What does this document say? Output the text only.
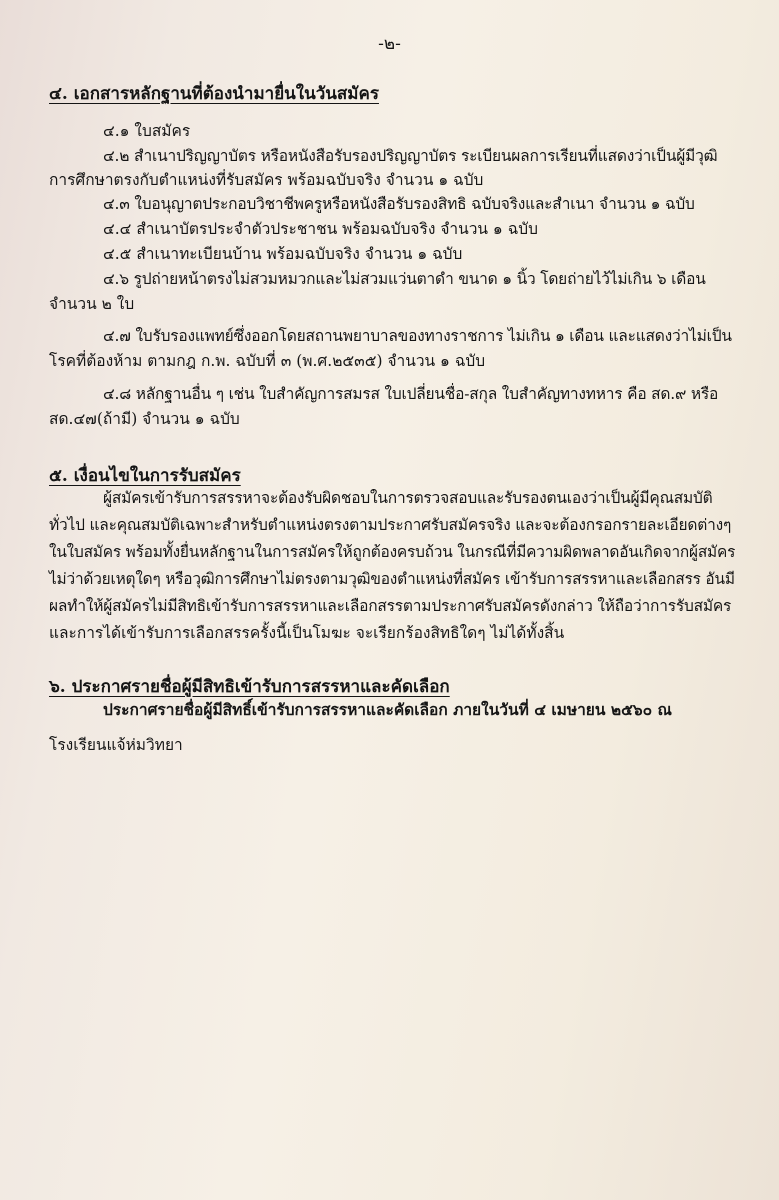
-๒-
๔. เอกสารหลักฐานที่ต้องนำมายื่นในวันสมัคร
๔.๑ ใบสมัคร
๔.๒ สำเนาปริญญาบัตร หรือหนังสือรับรองปริญญาบัตร ระเบียนผลการเรียนที่แสดงว่าเป็นผู้มีวุฒิ
การศึกษาตรงกับตำแหน่งที่รับสมัคร พร้อมฉบับจริง จำนวน ๑ ฉบับ
๔.๓ ใบอนุญาตประกอบวิชาชีพครูหรือหนังสือรับรองสิทธิ ฉบับจริงและสำเนา จำนวน ๑ ฉบับ
๔.๔ สำเนาบัตรประจำตัวประชาชน พร้อมฉบับจริง จำนวน ๑ ฉบับ
๔.๕ สำเนาทะเบียนบ้าน พร้อมฉบับจริง จำนวน ๑ ฉบับ
๔.๖ รูปถ่ายหน้าตรงไม่สวมหมวกและไม่สวมแว่นตาดำ ขนาด ๑ นิ้ว โดยถ่ายไว้ไม่เกิน ๖ เดือน
จำนวน ๒ ใบ
๔.๗ ใบรับรองแพทย์ซึ่งออกโดยสถานพยาบาลของทางราชการ ไม่เกิน ๑ เดือน และแสดงว่าไม่เป็น
โรคที่ต้องห้าม ตามกฎ ก.พ. ฉบับที่ ๓ (พ.ศ.๒๕๓๕) จำนวน ๑ ฉบับ
๔.๘ หลักฐานอื่น ๆ เช่น ใบสำคัญการสมรส ใบเปลี่ยนชื่อ-สกุล ใบสำคัญทางทหาร คือ สด.๙ หรือ
สด.๔๗(ถ้ามี) จำนวน ๑ ฉบับ
๕. เงื่อนไขในการรับสมัคร
ผู้สมัครเข้ารับการสรรหาจะต้องรับผิดชอบในการตรวจสอบและรับรองตนเองว่าเป็นผู้มีคุณสมบัติ
ทั่วไป และคุณสมบัติเฉพาะสำหรับตำแหน่งตรงตามประกาศรับสมัครจริง และจะต้องกรอกรายละเอียดต่างๆ
ในใบสมัคร พร้อมทั้งยื่นหลักฐานในการสมัครให้ถูกต้องครบถ้วน ในกรณีที่มีความผิดพลาดอันเกิดจากผู้สมัคร
ไม่ว่าด้วยเหตุใดๆ หรือวุฒิการศึกษาไม่ตรงตามวุฒิของตำแหน่งที่สมัคร เข้ารับการสรรหาและเลือกสรร อันมี
ผลทำให้ผู้สมัครไม่มีสิทธิเข้ารับการสรรหาและเลือกสรรตามประกาศรับสมัครดังกล่าว ให้ถือว่าการรับสมัคร
และการได้เข้ารับการเลือกสรรครั้งนี้เป็นโมฆะ จะเรียกร้องสิทธิใดๆ ไม่ได้ทั้งสิ้น
๖. ประกาศรายชื่อผู้มีสิทธิเข้ารับการสรรหาและคัดเลือก
ประกาศรายชื่อผู้มีสิทธิ์เข้ารับการสรรหาและคัดเลือก ภายในวันที่ ๔ เมษายน ๒๕๖๐ ณ
โรงเรียนแจ้ห่มวิทยา
